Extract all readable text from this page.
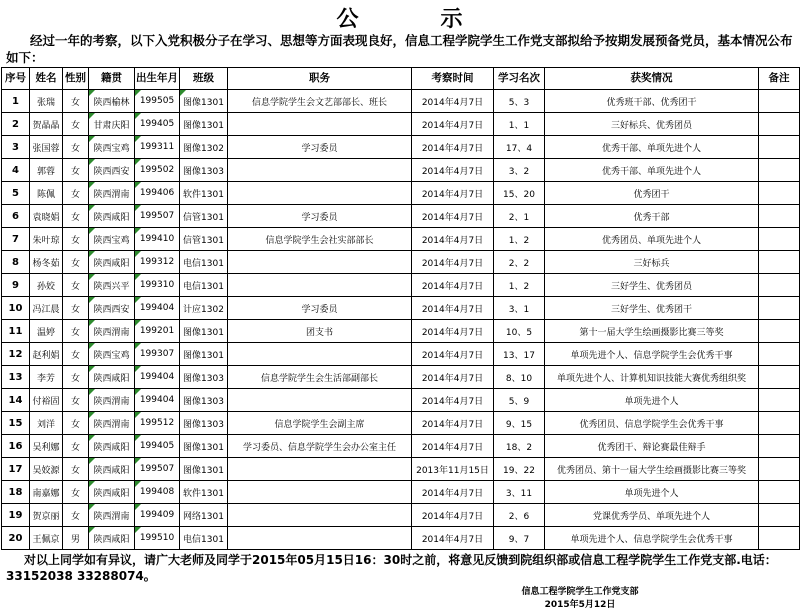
公	示
经过一年的考察，以下入党积极分子在学习、思想等方面表现良好，信息工程学院学生工作党支部拟给予按期发展预备党员，基本情况公布如下：
序号	姓名	性别	籍贯	出生年月	班级	职务	考察时间	学习名次	获奖情况	备注
1	张瑞	女	陕西榆林	199505	图像1301	信息学院学生会文艺部部长、班长	2014年4月7日	5、3	优秀班干部、优秀团干	
2	贺晶晶	女	甘肃庆阳	199405	图像1301		2014年4月7日	1、1	三好标兵、优秀团员	
3	张国蓉	女	陕西宝鸡	199311	图像1302	学习委员	2014年4月7日	17、4	优秀干部、单项先进个人	
4	郭蓉	女	陕西西安	199502	图像1303		2014年4月7日	3、2	优秀干部、单项先进个人	
5	陈佩	女	陕西渭南	199406	软件1301		2014年4月7日	15、20	优秀团干	
6	袁晓娟	女	陕西咸阳	199507	信管1301	学习委员	2014年4月7日	2、1	优秀干部	
7	朱叶琼	女	陕西宝鸡	199410	信管1301	信息学院学生会社实部部长	2014年4月7日	1、2	优秀团员、单项先进个人	
8	杨冬茹	女	陕西咸阳	199312	电信1301		2014年4月7日	2、2	三好标兵	
9	孙姣	女	陕西兴平	199310	电信1301		2014年4月7日	1、2	三好学生、优秀团员	
10	冯江晨	女	陕西西安	199404	计应1302	学习委员	2014年4月7日	3、1	三好学生、优秀团干	
11	温婷	女	陕西渭南	199201	图像1301	团支书	2014年4月7日	10、5	第十一届大学生绘画摄影比赛三等奖	
12	赵利娟	女	陕西宝鸡	199307	图像1301		2014年4月7日	13、17	单项先进个人、信息学院学生会优秀干事	
13	李芳	女	陕西咸阳	199404	图像1303	信息学院学生会生活部副部长	2014年4月7日	8、10	单项先进个人、计算机知识技能大赛优秀组织奖	
14	付裕固	女	陕西渭南	199404	图像1303		2014年4月7日	5、9	单项先进个人	
15	刘洋	女	陕西渭南	199512	图像1303	信息学院学生会副主席	2014年4月7日	9、15	优秀团员、信息学院学生会优秀干事	
16	吴利娜	女	陕西咸阳	199405	图像1301	学习委员、信息学院学生会办公室主任	2014年4月7日	18、2	优秀团干、辩论赛最佳辩手	
17	吴姣源	女	陕西咸阳	199507	图像1301		2013年11月15日	19、22	优秀团员、第十一届大学生绘画摄影比赛三等奖	
18	南嘉娜	女	陕西咸阳	199408	软件1301		2014年4月7日	3、11	单项先进个人	
19	贺京丽	女	陕西渭南	199409	网络1301		2014年4月7日	2、6	党课优秀学员、单项先进个人	
20	王佩京	男	陕西咸阳	199510	电信1301		2014年4月7日	9、7	单项先进个人、信息学院学生会优秀干事	
对以上同学如有异议，请广大老师及同学于2015年05月15日16：30时之前，将意见反馈到院组织部或信息工程学院学生工作党支部.电话：33152038 33288074。
信息工程学院学生工作党支部
2015年5月12日
